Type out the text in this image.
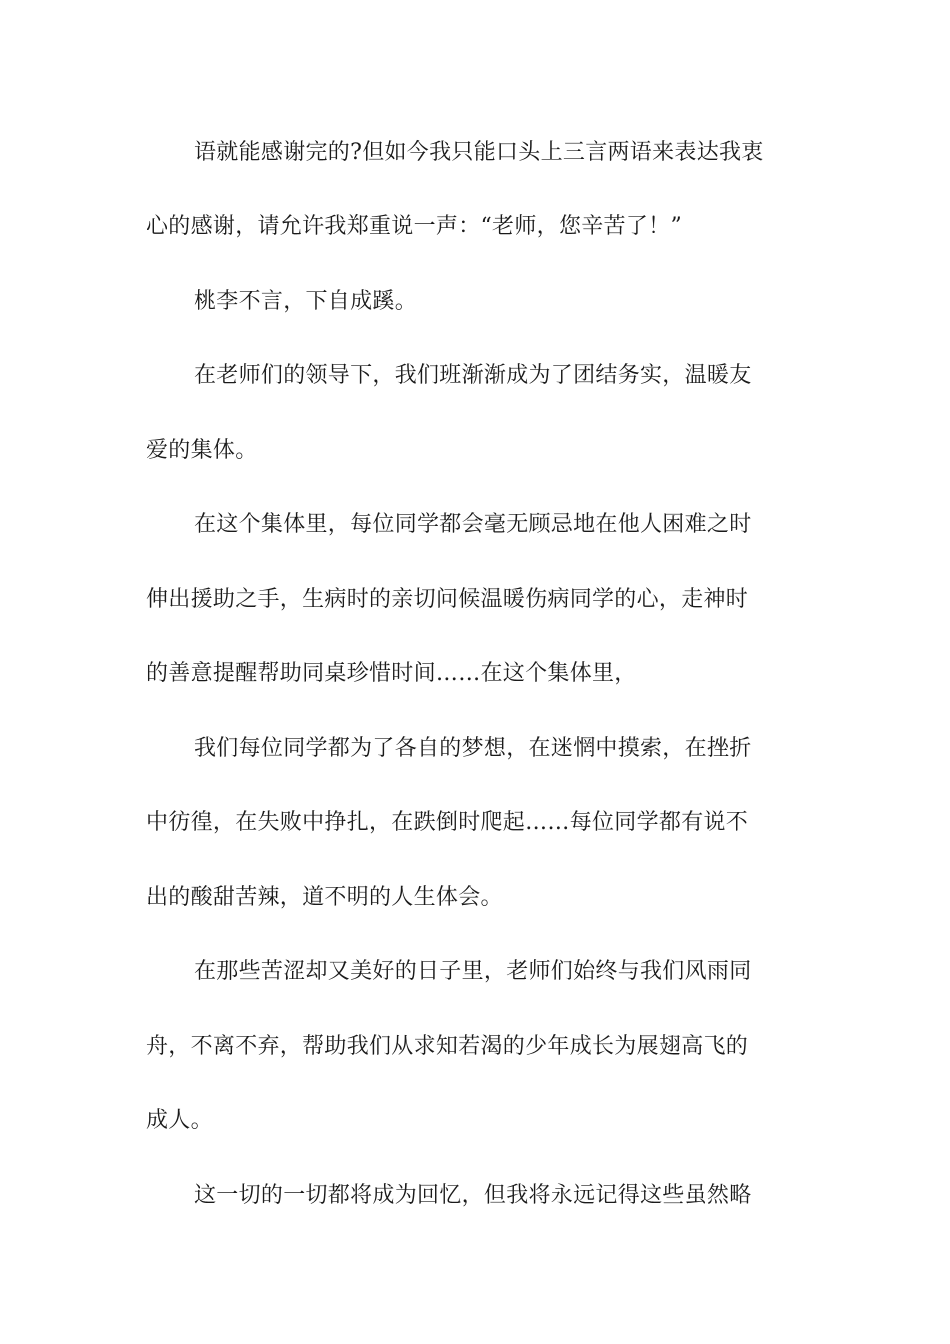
语就能感谢完的?但如今我只能口头上三言两语来表达我衷
心的感谢，请允许我郑重说一声：“老师，您辛苦了！”
桃李不言，下自成蹊。
在老师们的领导下，我们班渐渐成为了团结务实，温暖友
爱的集体。
在这个集体里，每位同学都会毫无顾忌地在他人困难之时
伸出援助之手，生病时的亲切问候温暖伤病同学的心，走神时
的善意提醒帮助同桌珍惜时间……在这个集体里，
我们每位同学都为了各自的梦想，在迷惘中摸索，在挫折
中彷徨，在失败中挣扎，在跌倒时爬起……每位同学都有说不
出的酸甜苦辣，道不明的人生体会。
在那些苦涩却又美好的日子里，老师们始终与我们风雨同
舟，不离不弃，帮助我们从求知若渴的少年成长为展翅高飞的
成人。
这一切的一切都将成为回忆，但我将永远记得这些虽然略
